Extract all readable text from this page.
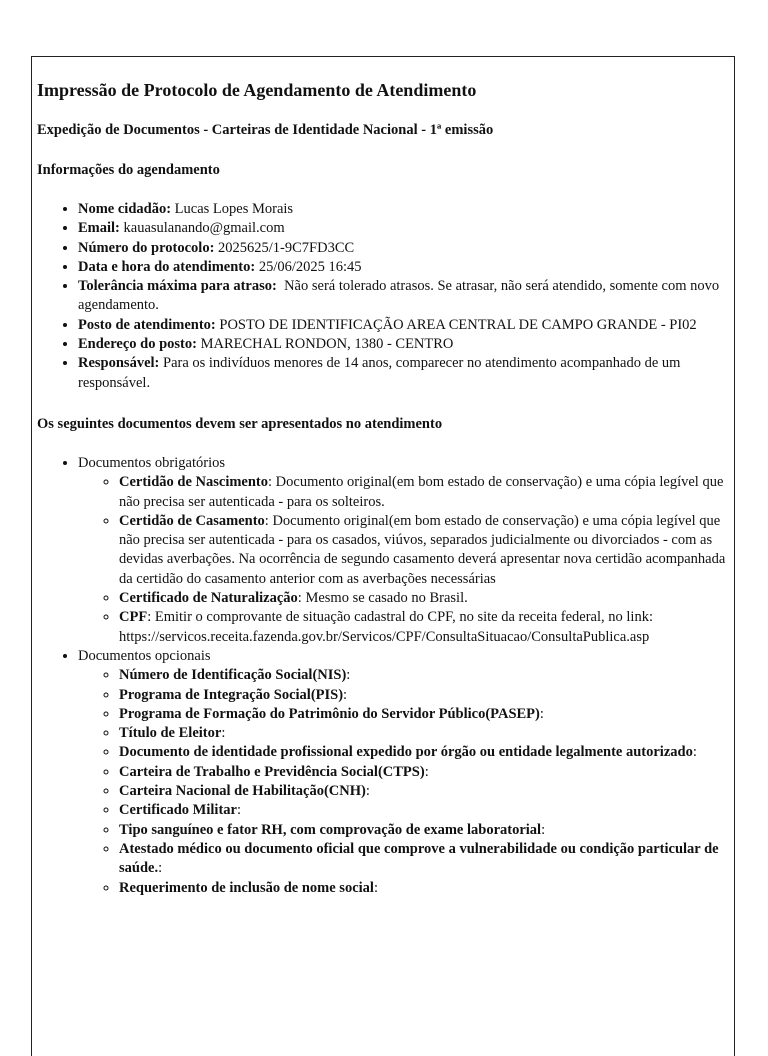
Impressão de Protocolo de Agendamento de Atendimento
Expedição de Documentos - Carteiras de Identidade Nacional - 1ª emissão
Informações do agendamento
• Nome cidadão: Lucas Lopes Morais
• Email: kauasulanando@gmail.com
• Número do protocolo: 2025625/1-9C7FD3CC
• Data e hora do atendimento: 25/06/2025 16:45
• Tolerância máxima para atraso:  Não será tolerado atrasos. Se atrasar, não será atendido, somente com novo agendamento.
• Posto de atendimento: POSTO DE IDENTIFICAÇÃO AREA CENTRAL DE CAMPO GRANDE - PI02
• Endereço do posto: MARECHAL RONDON, 1380 - CENTRO
• Responsável: Para os indivíduos menores de 14 anos, comparecer no atendimento acompanhado de um responsável.
Os seguintes documentos devem ser apresentados no atendimento
• Documentos obrigatórios
◦ Certidão de Nascimento: Documento original(em bom estado de conservação) e uma cópia legível que não precisa ser autenticada - para os solteiros.
◦ Certidão de Casamento: Documento original(em bom estado de conservação) e uma cópia legível que não precisa ser autenticada - para os casados, viúvos, separados judicialmente ou divorciados - com as devidas averbações. Na ocorrência de segundo casamento deverá apresentar nova certidão acompanhada da certidão do casamento anterior com as averbações necessárias
◦ Certificado de Naturalização: Mesmo se casado no Brasil.
◦ CPF: Emitir o comprovante de situação cadastral do CPF, no site da receita federal, no link: https://servicos.receita.fazenda.gov.br/Servicos/CPF/ConsultaSituacao/ConsultaPublica.asp
• Documentos opcionais
◦ Número de Identificação Social(NIS):
◦ Programa de Integração Social(PIS):
◦ Programa de Formação do Patrimônio do Servidor Público(PASEP):
◦ Título de Eleitor:
◦ Documento de identidade profissional expedido por órgão ou entidade legalmente autorizado:
◦ Carteira de Trabalho e Previdência Social(CTPS):
◦ Carteira Nacional de Habilitação(CNH):
◦ Certificado Militar:
◦ Tipo sanguíneo e fator RH, com comprovação de exame laboratorial:
◦ Atestado médico ou documento oficial que comprove a vulnerabilidade ou condição particular de saúde.:
◦ Requerimento de inclusão de nome social:
